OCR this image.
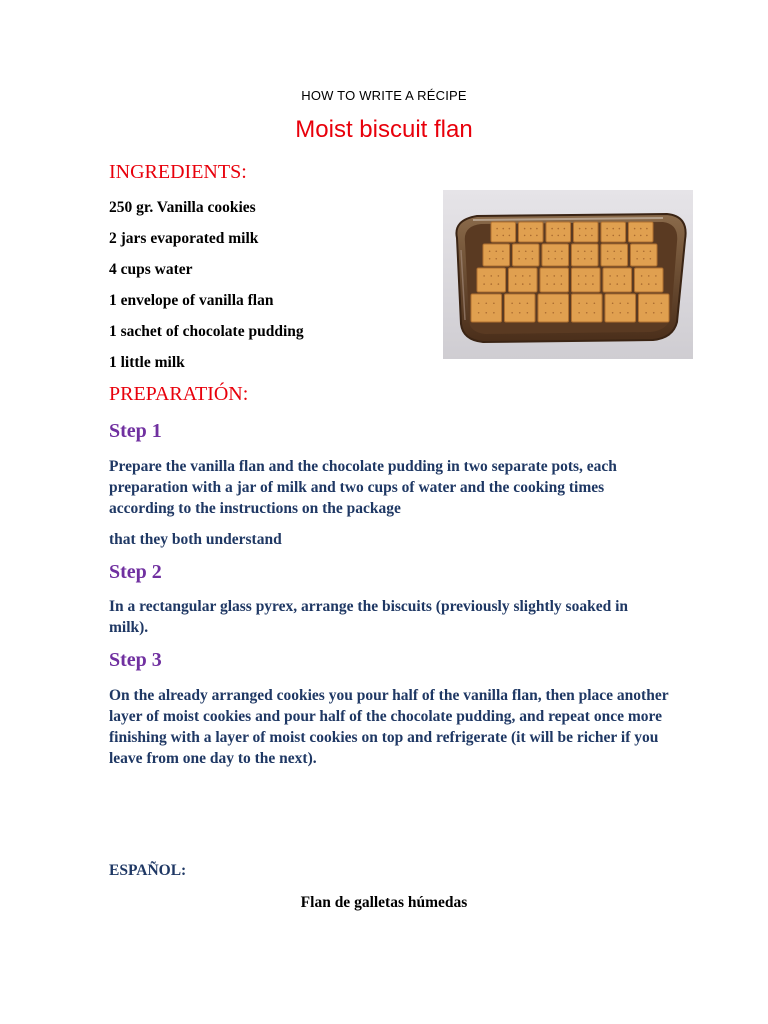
HOW TO WRITE A RÉCIPE
Moist biscuit flan
INGREDIENTS:
250 gr. Vanilla cookies
2 jars evaporated milk
4 cups water
1 envelope of vanilla flan
1 sachet of chocolate pudding
1 little milk
PREPARATIÓN:
Step 1
Prepare the vanilla flan and the chocolate pudding in two separate pots, each preparation with a jar of milk and two cups of water and the cooking times according to the instructions on the package
that they both understand
Step 2
In a rectangular glass pyrex, arrange the biscuits (previously slightly soaked in milk).
Step 3
On the already arranged cookies you pour half of the vanilla flan, then place another layer of moist cookies and pour half of the chocolate pudding, and repeat once more finishing with a layer of moist cookies on top and refrigerate (it will be richer if you leave from one day to the next).
ESPAÑOL:
Flan de galletas húmedas
